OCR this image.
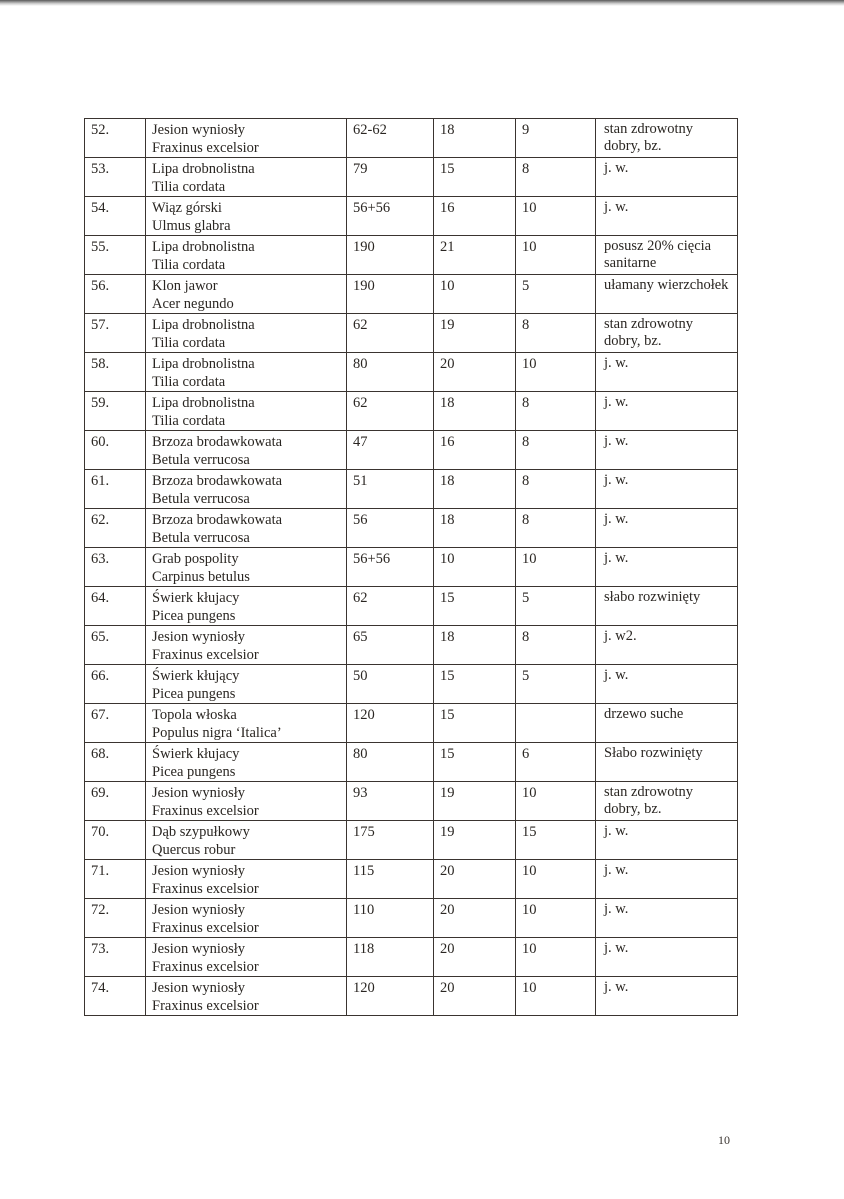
52.	Jesion wyniosły
Fraxinus excelsior	62-62	18	9	stan zdrowotny dobry, bz.

53.	Lipa drobnolistna
Tilia cordata	79	15	8	j. w.

54.	Wiąz górski
Ulmus glabra	56+56	16	10	j. w.

55.	Lipa drobnolistna
Tilia cordata	190	21	10	posusz 20% cięcia sanitarne

56.	Klon jawor
Acer negundo	190	10	5	ułamany wierzchołek

57.	Lipa drobnolistna
Tilia cordata	62	19	8	stan zdrowotny dobry, bz.

58.	Lipa drobnolistna
Tilia cordata	80	20	10	j. w.

59.	Lipa drobnolistna
Tilia cordata	62	18	8	j. w.

60.	Brzoza brodawkowata
Betula verrucosa	47	16	8	j. w.

61.	Brzoza brodawkowata
Betula verrucosa	51	18	8	j. w.

62.	Brzoza brodawkowata
Betula verrucosa	56	18	8	j. w.

63.	Grab pospolity
Carpinus betulus	56+56	10	10	j. w.

64.	Świerk kłujacy
Picea pungens	62	15	5	słabo rozwinięty

65.	Jesion wyniosły
Fraxinus excelsior	65	18	8	j. w2.

66.	Świerk kłujący
Picea pungens	50	15	5	j. w.

67.	Topola włoska
Populus nigra ‘Italica’	120	15		drzewo suche

68.	Świerk kłujacy
Picea pungens	80	15	6	Słabo rozwinięty

69.	Jesion wyniosły
Fraxinus excelsior	93	19	10	stan zdrowotny dobry, bz.

70.	Dąb szypułkowy
Quercus robur	175	19	15	j. w.

71.	Jesion wyniosły
Fraxinus excelsior	115	20	10	j. w.

72.	Jesion wyniosły
Fraxinus excelsior	110	20	10	j. w.

73.	Jesion wyniosły
Fraxinus excelsior	118	20	10	j. w.

74.	Jesion wyniosły
Fraxinus excelsior	120	20	10	j. w.
10
